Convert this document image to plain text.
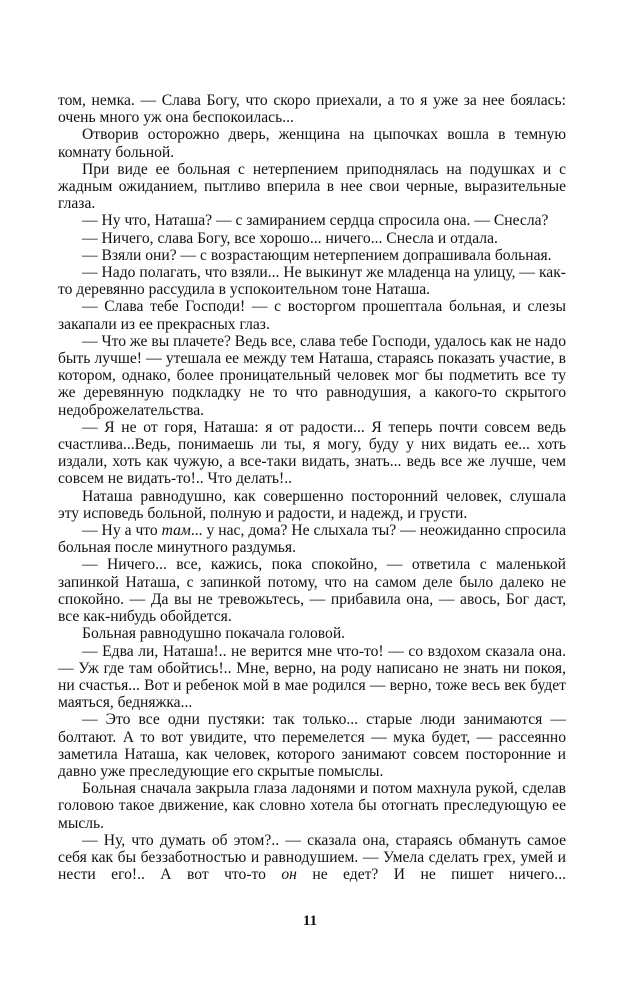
том, немка. — Слава Богу, что скоро приехали, а то я уже за нее боялась: очень много уж она беспокоилась...

Отворив осторожно дверь, женщина на цыпочках вошла в темную комнату больной.

При виде ее больная с нетерпением приподнялась на подушках и с жадным ожиданием, пытливо вперила в нее свои черные, выразительные глаза.

— Ну что, Наташа? — с замиранием сердца спросила она. — Снесла?

— Ничего, слава Богу, все хорошо... ничего... Снесла и отдала.

— Взяли они? — с возрастающим нетерпением допрашивала больная.

— Надо полагать, что взяли... Не выкинут же младенца на улицу, — как-то деревянно рассудила в успокоительном тоне Наташа.

— Слава тебе Господи! — с восторгом прошептала больная, и слезы закапали из ее прекрасных глаз.

— Что же вы плачете? Ведь все, слава тебе Господи, удалось как не надо быть лучше! — утешала ее между тем Наташа, стараясь показать участие, в котором, однако, более проницательный человек мог бы подметить все ту же деревянную подкладку не то что равнодушия, а какого-то скрытого недоброжелательства.

— Я не от горя, Наташа: я от радости... Я теперь почти совсем ведь счастлива...Ведь, понимаешь ли ты, я могу, буду у них видать ее... хоть издали, хоть как чужую, а все-таки видать, знать... ведь все же лучше, чем совсем не видать-то!.. Что делать!..

Наташа равнодушно, как совершенно посторонний человек, слушала эту исповедь больной, полную и радости, и надежд, и грусти.

— Ну а что там... у нас, дома? Не слыхала ты? — неожиданно спросила больная после минутного раздумья.

— Ничего... все, кажись, пока спокойно, — ответила с маленькой запинкой Наташа, с запинкой потому, что на самом деле было далеко не спокойно. — Да вы не тревожьтесь, — прибавила она, — авось, Бог даст, все как-нибудь обойдется.

Больная равнодушно покачала головой.

— Едва ли, Наташа!.. не верится мне что-то! — со вздохом сказала она. — Уж где там обойтись!.. Мне, верно, на роду написано не знать ни покоя, ни счастья... Вот и ребенок мой в мае родился — верно, тоже весь век будет маяться, бедняжка...

— Это все одни пустяки: так только... старые люди занимаются — болтают. А то вот увидите, что перемелется — мука будет, — рассеянно заметила Наташа, как человек, которого занимают совсем посторонние и давно уже преследующие его скрытые помыслы.

Больная сначала закрыла глаза ладонями и потом махнула рукой, сделав головою такое движение, как словно хотела бы отогнать преследующую ее мысль.

— Ну, что думать об этом?.. — сказала она, стараясь обмануть самое себя как бы беззаботностью и равнодушием. — Умела сделать грех, умей и нести его!.. А вот что-то он не едет? И не пишет ничего...

11
